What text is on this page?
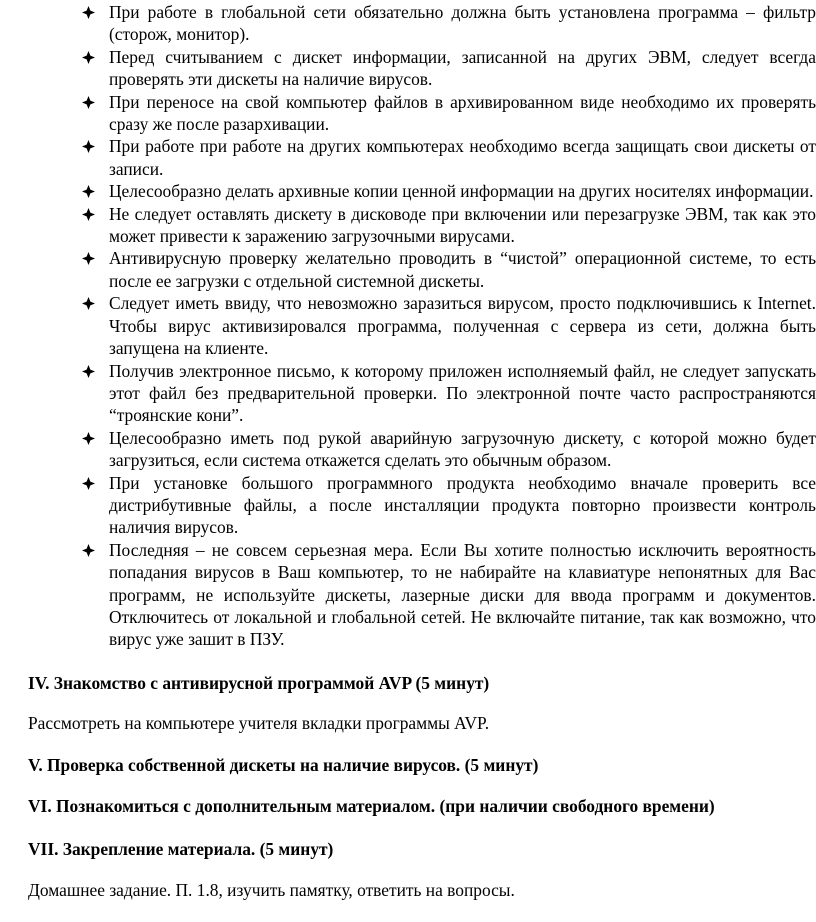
При работе в глобальной сети обязательно должна быть установлена программа – фильтр (сторож, монитор).
Перед считыванием с дискет информации, записанной на других ЭВМ, следует всегда проверять эти дискеты на наличие вирусов.
При переносе на свой компьютер файлов в архивированном виде необходимо их проверять сразу же после разархивации.
При работе при работе на других компьютерах необходимо всегда защищать свои дискеты от записи.
Целесообразно делать архивные копии ценной информации на других носителях информации.
Не следует оставлять дискету в дисководе при включении или перезагрузке ЭВМ, так как это может привести к заражению загрузочными вирусами.
Антивирусную проверку желательно проводить в “чистой” операционной системе, то есть после ее загрузки с отдельной системной дискеты.
Следует иметь ввиду, что невозможно заразиться вирусом, просто подключившись к Internet. Чтобы вирус активизировался программа, полученная с сервера из сети, должна быть запущена на клиенте.
Получив электронное письмо, к которому приложен исполняемый файл, не следует запускать этот файл без предварительной проверки. По электронной почте часто распространяются “троянские кони”.
Целесообразно иметь под рукой аварийную загрузочную дискету, с которой можно будет загрузиться, если система откажется сделать это обычным образом.
При установке большого программного продукта необходимо вначале проверить все дистрибутивные файлы, а после инсталляции продукта повторно произвести контроль наличия вирусов.
Последняя – не совсем серьезная мера. Если Вы хотите полностью исключить вероятность попадания вирусов в Ваш компьютер, то не набирайте на клавиатуре непонятных для Вас программ, не используйте дискеты, лазерные диски для ввода программ и документов. Отключитесь от локальной и глобальной сетей. Не включайте питание, так как возможно, что вирус уже зашит в ПЗУ.
IV. Знакомство с антивирусной программой AVP (5 минут)
Рассмотреть на компьютере учителя вкладки программы AVP.
V. Проверка собственной дискеты на наличие вирусов. (5 минут)
VI. Познакомиться с дополнительным материалом. (при наличии свободного времени)
VII. Закрепление материала. (5 минут)
Домашнее задание. П. 1.8, изучить памятку, ответить на вопросы.
